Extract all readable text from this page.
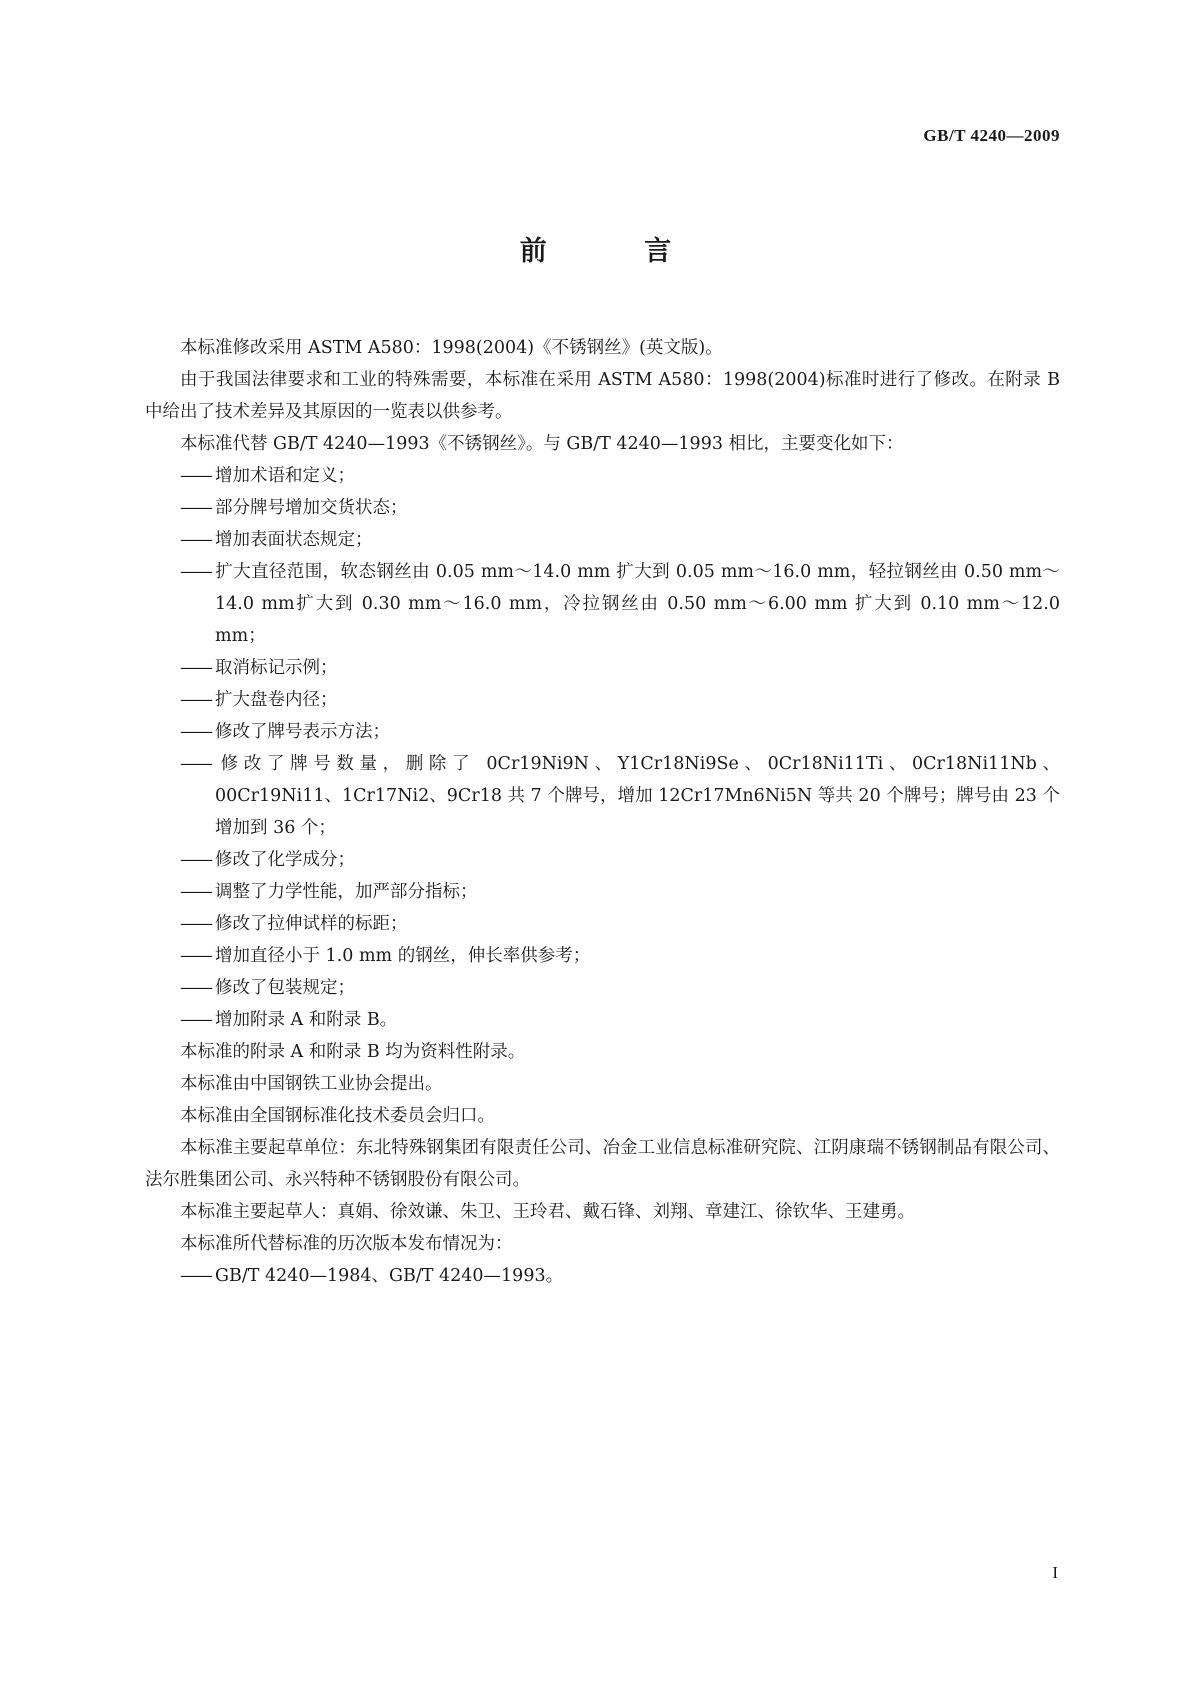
GB/T 4240—2009
前 言

本标准修改采用 ASTM A580：1998(2004)《不锈钢丝》(英文版)。

由于我国法律要求和工业的特殊需要，本标准在采用 ASTM A580：1998(2004)标准时进行了修改。在附录 B 中给出了技术差异及其原因的一览表以供参考。

本标准代替 GB/T 4240—1993《不锈钢丝》。与 GB/T 4240—1993 相比，主要变化如下：

—— 增加术语和定义；

—— 部分牌号增加交货状态；

—— 增加表面状态规定；

—— 扩大直径范围，软态钢丝由 0.05 mm～14.0 mm 扩大到 0.05 mm～16.0 mm，轻拉钢丝由 0.50 mm～14.0 mm扩大到 0.30 mm～16.0 mm，冷拉钢丝由 0.50 mm～6.00 mm 扩大到 0.10 mm～12.0 mm；

—— 取消标记示例；

—— 扩大盘卷内径；

—— 修改了牌号表示方法；

—— 修改了牌号数量，删除了 0Cr19Ni9N、Y1Cr18Ni9Se、0Cr18Ni11Ti、0Cr18Ni11Nb、00Cr19Ni11、1Cr17Ni2、9Cr18 共 7 个牌号，增加 12Cr17Mn6Ni5N 等共 20 个牌号；牌号由 23 个增加到 36 个；

—— 修改了化学成分；

—— 调整了力学性能，加严部分指标；

—— 修改了拉伸试样的标距；

—— 增加直径小于 1.0 mm 的钢丝，伸长率供参考；

—— 修改了包装规定；

—— 增加附录 A 和附录 B。

本标准的附录 A 和附录 B 均为资料性附录。

本标准由中国钢铁工业协会提出。

本标准由全国钢标准化技术委员会归口。

本标准主要起草单位：东北特殊钢集团有限责任公司、冶金工业信息标准研究院、江阴康瑞不锈钢制品有限公司、法尔胜集团公司、永兴特种不锈钢股份有限公司。

本标准主要起草人：真娟、徐效谦、朱卫、王玲君、戴石锋、刘翔、章建江、徐钦华、王建勇。

本标准所代替标准的历次版本发布情况为：

—— GB/T 4240—1984、GB/T 4240—1993。

I
